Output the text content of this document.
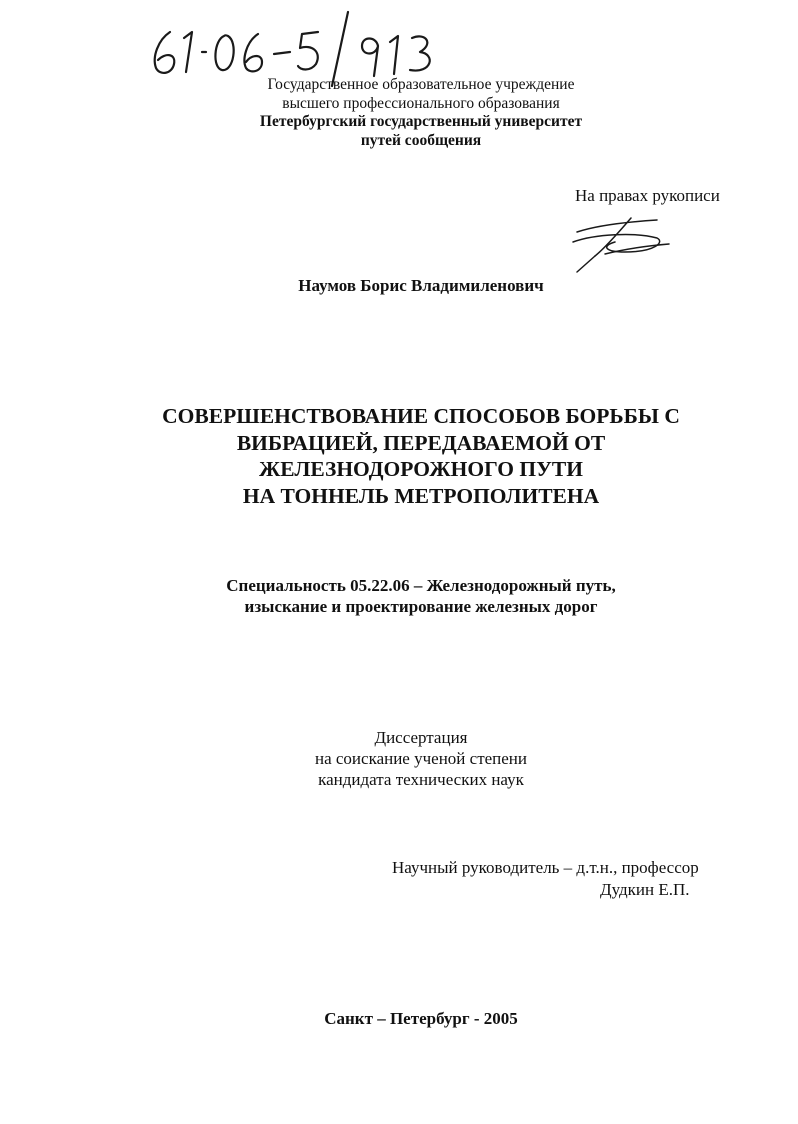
Государственное образовательное учреждение
высшего профессионального образования
Петербургский государственный университет
путей сообщения
На правах рукописи
Наумов Борис Владимиленович
СОВЕРШЕНСТВОВАНИЕ СПОСОБОВ БОРЬБЫ С
ВИБРАЦИЕЙ, ПЕРЕДАВАЕМОЙ ОТ
ЖЕЛЕЗНОДОРОЖНОГО ПУТИ
НА ТОННЕЛЬ МЕТРОПОЛИТЕНА
Специальность 05.22.06 – Железнодорожный путь,
изыскание и проектирование железных дорог
Диссертация
на соискание ученой степени
кандидата технических наук
Научный руководитель – д.т.н., профессор
Дудкин Е.П.
Санкт – Петербург - 2005
